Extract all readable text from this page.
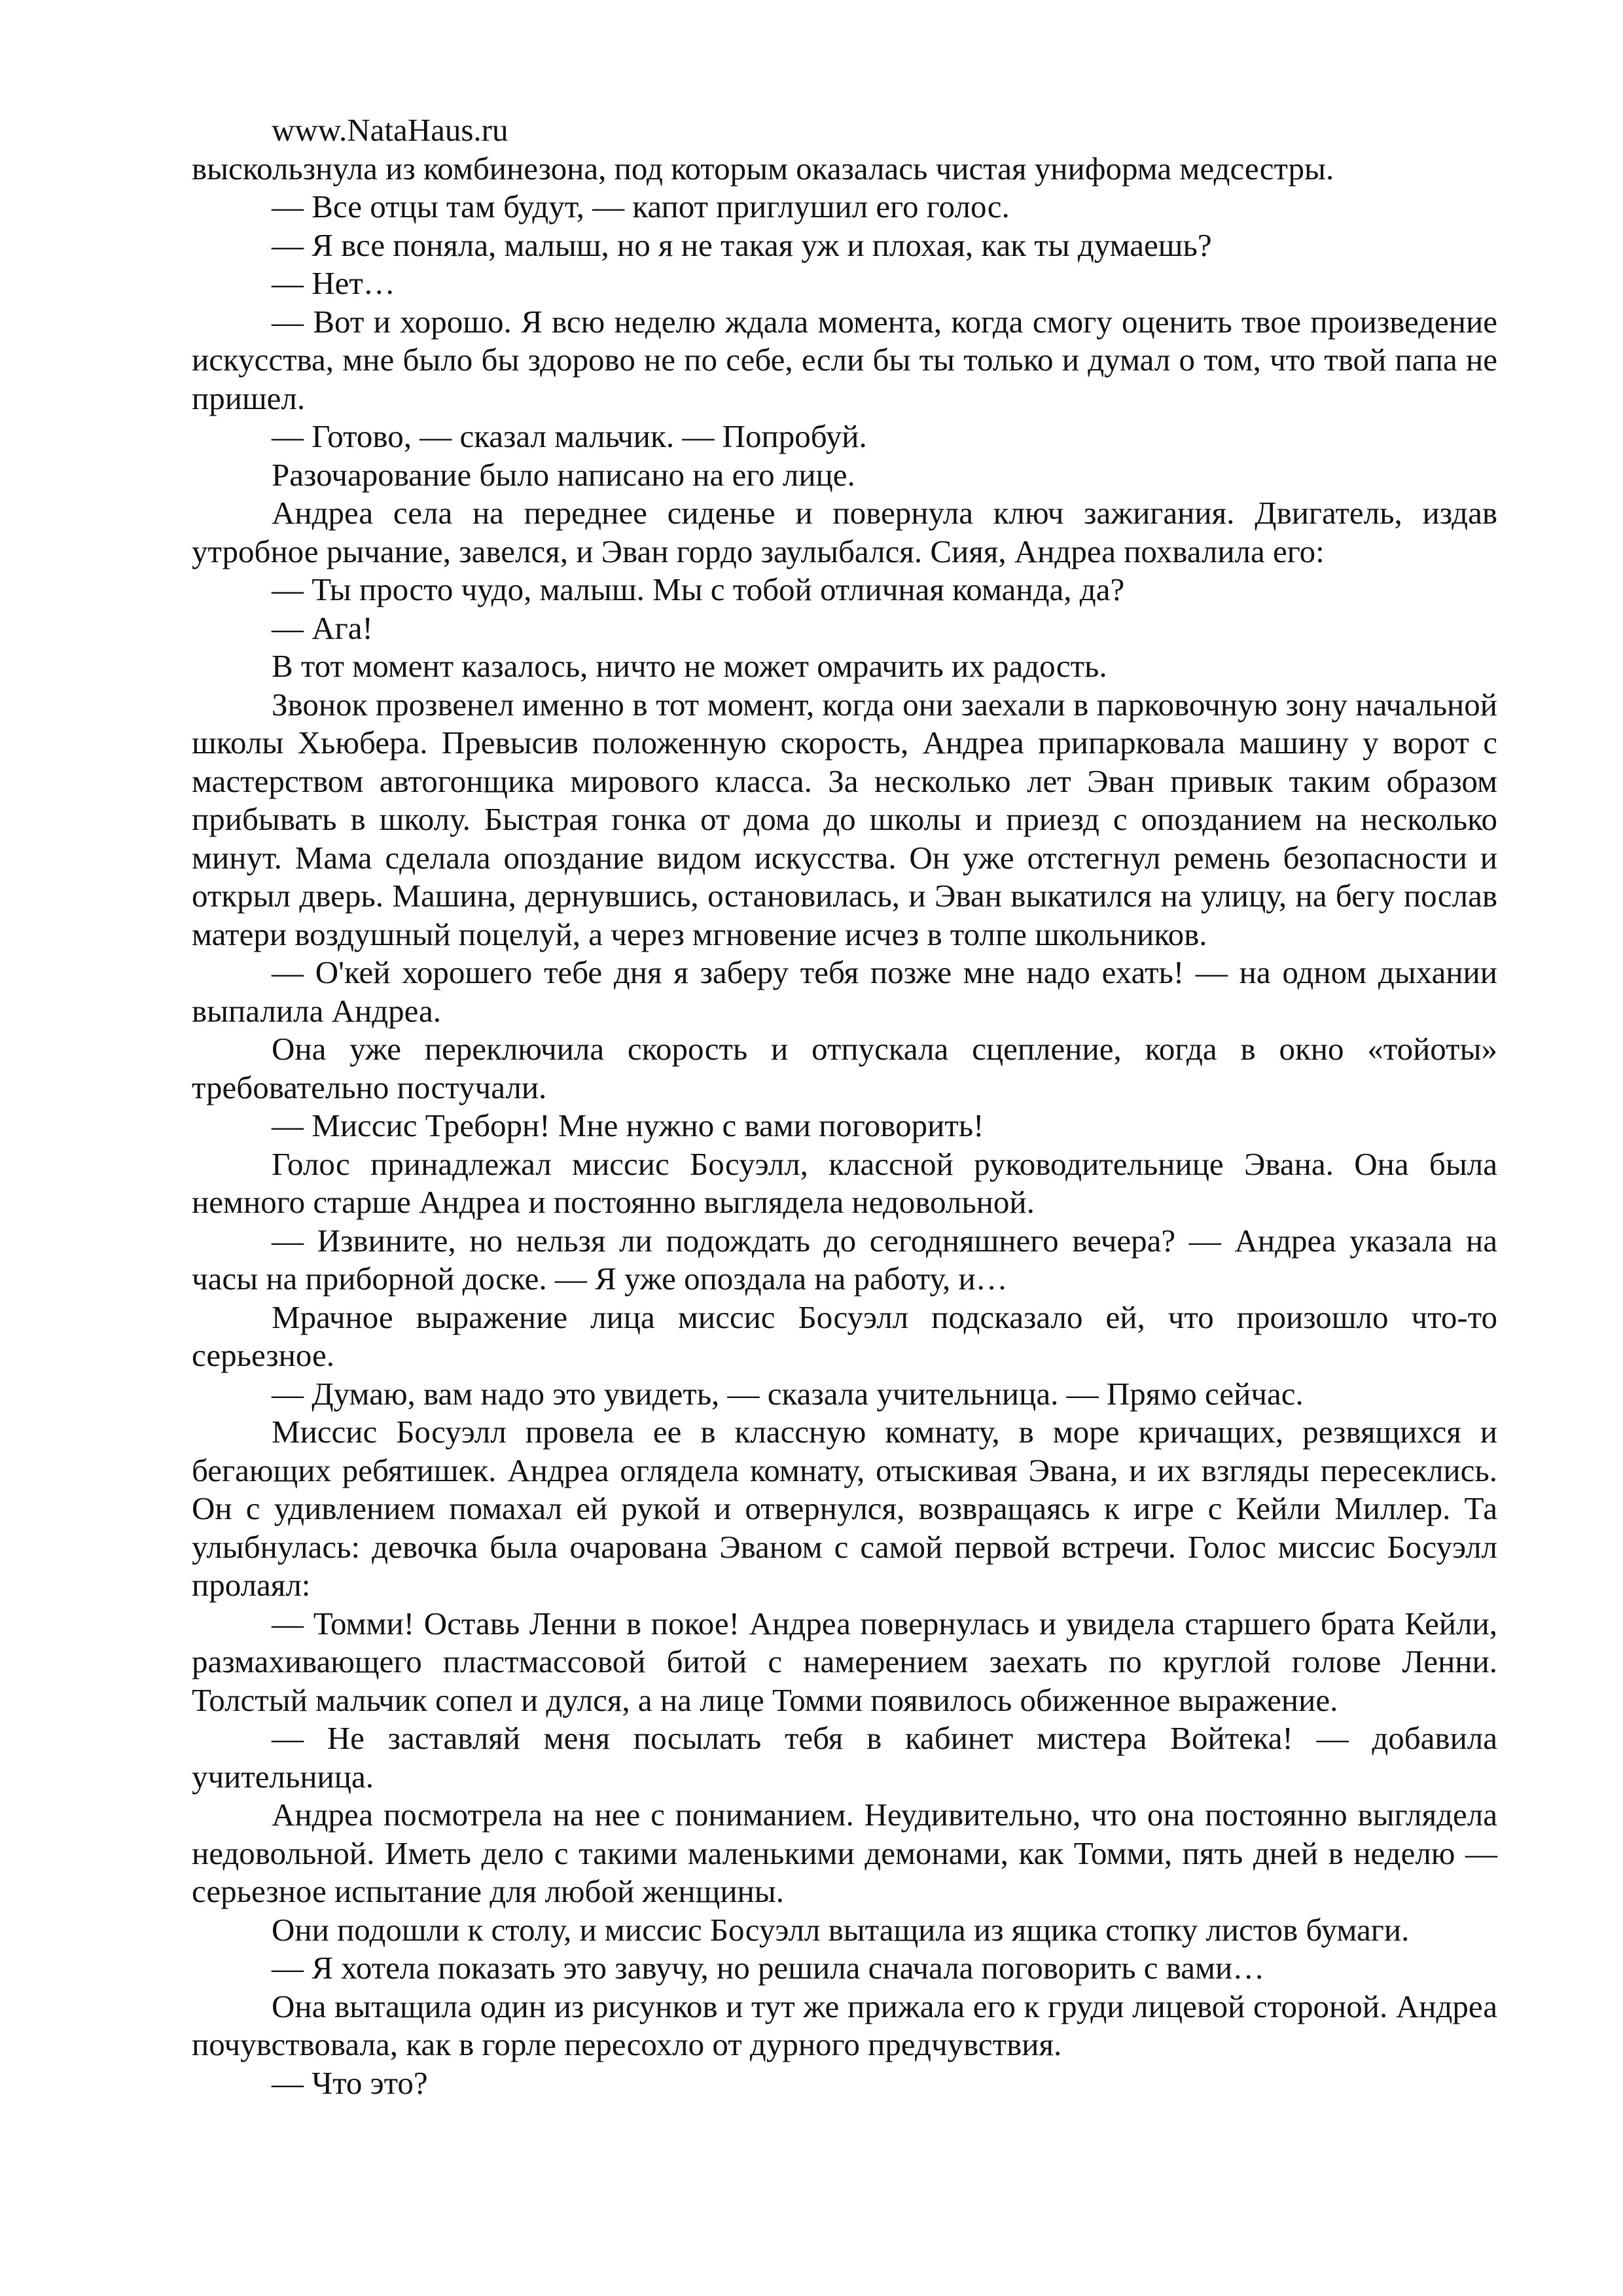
www.NataHaus.ru

выскользнула из комбинезона, под которым оказалась чистая униформа медсестры.

— Все отцы там будут, — капот приглушил его голос.

— Я все поняла, малыш, но я не такая уж и плохая, как ты думаешь?

— Нет…

— Вот и хорошо. Я всю неделю ждала момента, когда смогу оценить твое произведение искусства, мне было бы здорово не по себе, если бы ты только и думал о том, что твой папа не пришел.

— Готово, — сказал мальчик. — Попробуй.

Разочарование было написано на его лице.

Андреа села на переднее сиденье и повернула ключ зажигания. Двигатель, издав утробное рычание, завелся, и Эван гордо заулыбался. Сияя, Андреа похвалила его:

— Ты просто чудо, малыш. Мы с тобой отличная команда, да?

— Ага!

В тот момент казалось, ничто не может омрачить их радость.

Звонок прозвенел именно в тот момент, когда они заехали в парковочную зону начальной школы Хьюбера. Превысив положенную скорость, Андреа припарковала машину у ворот с мастерством автогонщика мирового класса. За несколько лет Эван привык таким образом прибывать в школу. Быстрая гонка от дома до школы и приезд с опозданием на несколько минут. Мама сделала опоздание видом искусства. Он уже отстегнул ремень безопасности и открыл дверь. Машина, дернувшись, остановилась, и Эван выкатился на улицу, на бегу послав матери воздушный поцелуй, а через мгновение исчез в толпе школьников.

— О'кей хорошего тебе дня я заберу тебя позже мне надо ехать! — на одном дыхании выпалила Андреа.

Она уже переключила скорость и отпускала сцепление, когда в окно «тойоты» требовательно постучали.

— Миссис Треборн! Мне нужно с вами поговорить!

Голос принадлежал миссис Босуэлл, классной руководительнице Эвана. Она была немного старше Андреа и постоянно выглядела недовольной.

— Извините, но нельзя ли подождать до сегодняшнего вечера? — Андреа указала на часы на приборной доске. — Я уже опоздала на работу, и…

Мрачное выражение лица миссис Босуэлл подсказало ей, что произошло что-то серьезное.

— Думаю, вам надо это увидеть, — сказала учительница. — Прямо сейчас.

Миссис Босуэлл провела ее в классную комнату, в море кричащих, резвящихся и бегающих ребятишек. Андреа оглядела комнату, отыскивая Эвана, и их взгляды пересеклись. Он с удивлением помахал ей рукой и отвернулся, возвращаясь к игре с Кейли Миллер. Та улыбнулась: девочка была очарована Эваном с самой первой встречи. Голос миссис Босуэлл пролаял:

— Томми! Оставь Ленни в покое! Андреа повернулась и увидела старшего брата Кейли, размахивающего пластмассовой битой с намерением заехать по круглой голове Ленни. Толстый мальчик сопел и дулся, а на лице Томми появилось обиженное выражение.

— Не заставляй меня посылать тебя в кабинет мистера Войтека! — добавила учительница.

Андреа посмотрела на нее с пониманием. Неудивительно, что она постоянно выглядела недовольной. Иметь дело с такими маленькими демонами, как Томми, пять дней в неделю — серьезное испытание для любой женщины.

Они подошли к столу, и миссис Босуэлл вытащила из ящика стопку листов бумаги.

— Я хотела показать это завучу, но решила сначала поговорить с вами…

Она вытащила один из рисунков и тут же прижала его к груди лицевой стороной. Андреа почувствовала, как в горле пересохло от дурного предчувствия.

— Что это?
